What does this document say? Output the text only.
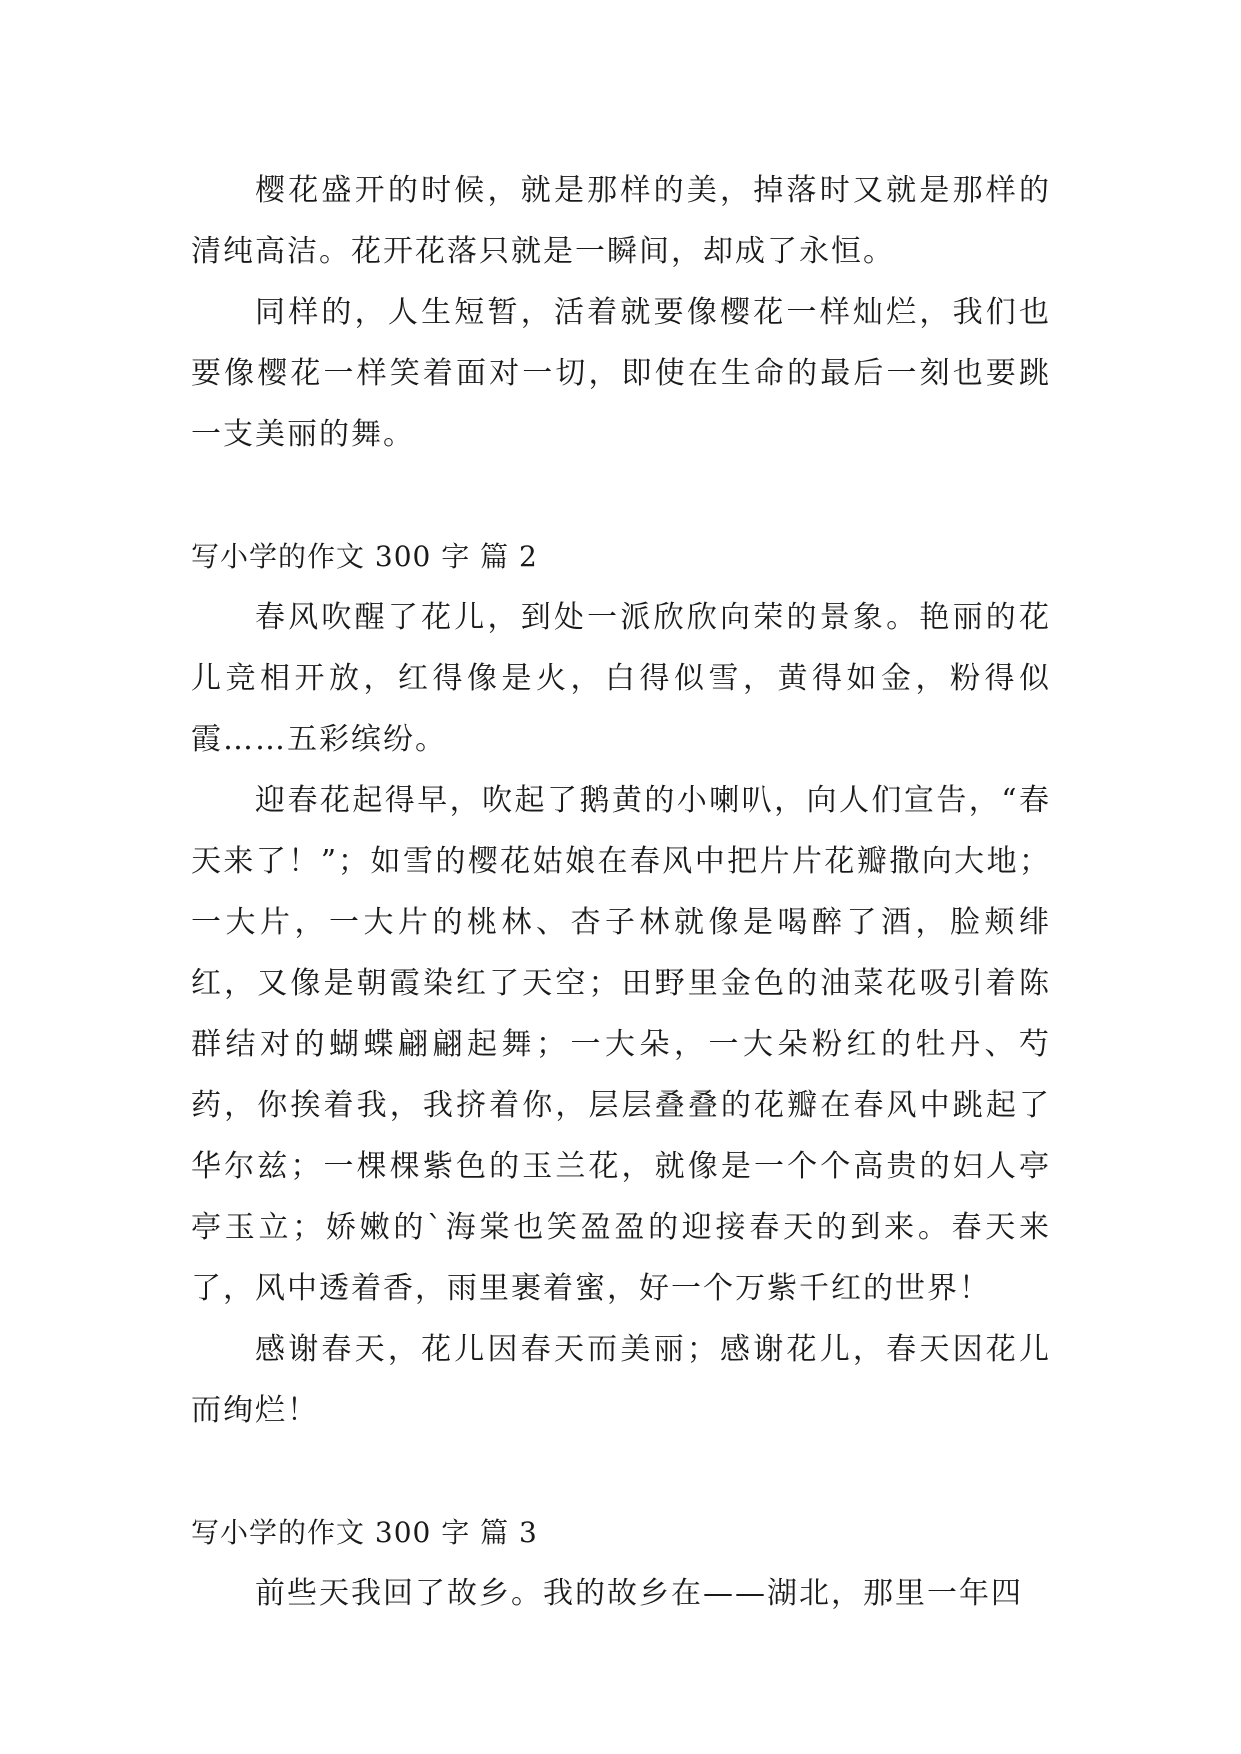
樱花盛开的时候，就是那样的美，掉落时又就是那样的清纯高洁。花开花落只就是一瞬间，却成了永恒。

同样的，人生短暂，活着就要像樱花一样灿烂，我们也要像樱花一样笑着面对一切，即使在生命的最后一刻也要跳一支美丽的舞。

写小学的作文 300 字 篇 2

春风吹醒了花儿，到处一派欣欣向荣的景象。艳丽的花儿竞相开放，红得像是火，白得似雪，黄得如金，粉得似霞……五彩缤纷。

迎春花起得早，吹起了鹅黄的小喇叭，向人们宣告，“春天来了！”；如雪的樱花姑娘在春风中把片片花瓣撒向大地；一大片，一大片的桃林、杏子林就像是喝醉了酒，脸颊绯红，又像是朝霞染红了天空；田野里金色的油菜花吸引着陈群结对的蝴蝶翩翩起舞；一大朵，一大朵粉红的牡丹、芍药，你挨着我，我挤着你，层层叠叠的花瓣在春风中跳起了华尔兹；一棵棵紫色的玉兰花，就像是一个个高贵的妇人亭亭玉立；娇嫩的`海棠也笑盈盈的迎接春天的到来。春天来了，风中透着香，雨里裹着蜜，好一个万紫千红的世界！

感谢春天，花儿因春天而美丽；感谢花儿，春天因花儿而绚烂！

写小学的作文 300 字 篇 3

前些天我回了故乡。我的故乡在——湖北，那里一年四
